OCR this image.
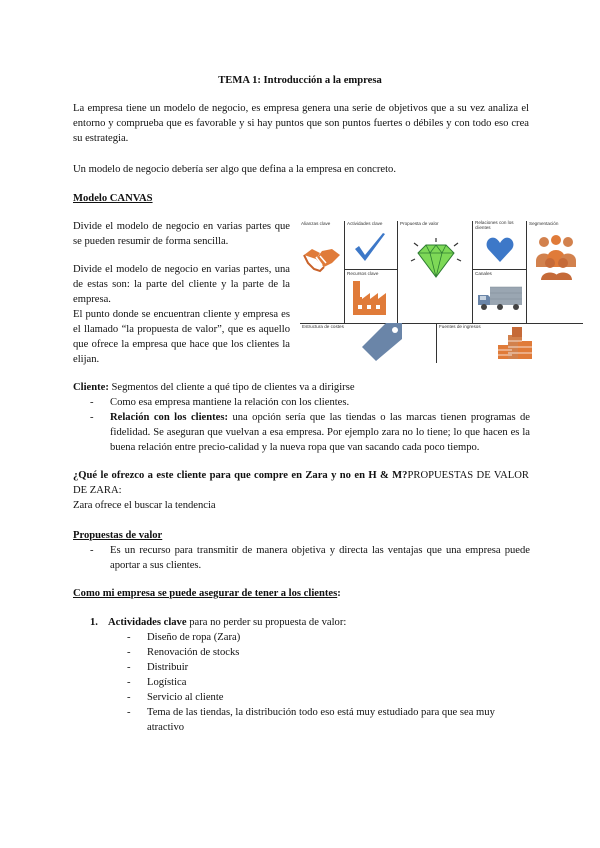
TEMA 1: Introducción a la empresa
La empresa tiene un modelo de negocio, es empresa genera una serie de objetivos que a su vez analiza el entorno y comprueba que es favorable y si hay puntos que son puntos fuertes o débiles y con todo eso crea su estrategia.
Un modelo de negocio debería ser algo que defina a la empresa en concreto.
Modelo CANVAS
Divide el modelo de negocio en varias partes que se pueden resumir de forma sencilla.
Divide el modelo de negocio en varias partes, una de estas son: la parte del cliente y la parte de la empresa.
El punto donde se encuentran cliente y empresa es el llamado “la propuesta de valor”, que es aquello que ofrece la empresa que hace que los clientes la elijan.
Alianzas clave	Actividades clave	Propuesta de valor	Relaciones con los clientes
Segmentación
Recursos clave	Canales
Estructura de costes	Fuentes de ingresos
Cliente: Segmentos del cliente a qué tipo de clientes va a dirigirse
- Como esa empresa mantiene la relación con los clientes.
- Relación con los clientes: una opción sería que las tiendas o las marcas tienen programas de fidelidad. Se aseguran que vuelvan a esa empresa. Por ejemplo zara no lo tiene; lo que hacen es la buena relación entre precio-calidad y la nueva ropa que van sacando cada poco tiempo.
¿Qué le ofrezco a este cliente para que compre en Zara y no en H & M?PROPUESTAS DE VALOR DE ZARA:
Zara ofrece el buscar la tendencia
Propuestas de valor
- Es un recurso para transmitir de manera objetiva y directa las ventajas que una empresa puede aportar a sus clientes.
Como mi empresa se puede asegurar de tener a los clientes:
1. Actividades clave para no perder su propuesta de valor:
- Diseño de ropa (Zara)
- Renovación de stocks
- Distribuir
- Logística
- Servicio al cliente
- Tema de las tiendas, la distribución todo eso está muy estudiado para que sea muy atractivo
